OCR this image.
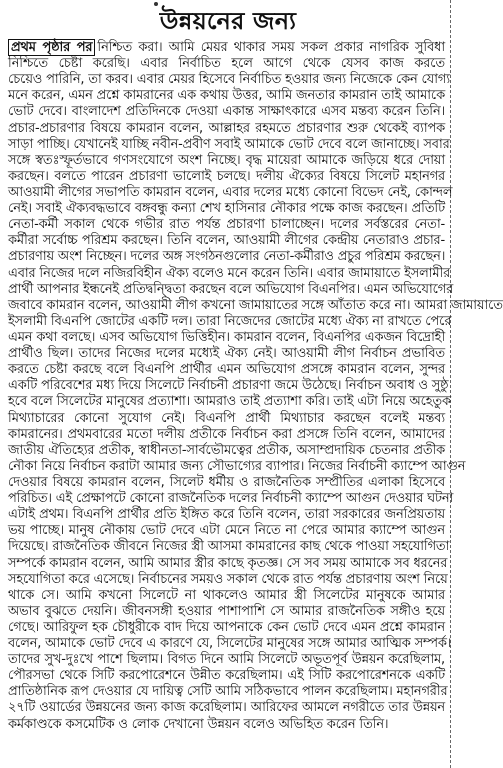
উন্নয়নের জন্য
প্রথম পৃষ্ঠার পর নিশ্চিত করা। আমি মেয়র থাকার সময় সকল প্রকার নাগরিক সুবিধা
নিশ্চিতে চেষ্টা করেছি। এবার নির্বাচিত হলে আগে থেকে যেসব কাজ করতে
চেয়েও পারিনি, তা করব। এবার মেয়র হিসেবে নির্বাচিত হওয়ার জন্য নিজেকে কেন যোগ্য
মনে করেন, এমন প্রশ্নে কামরানের এক কথায় উত্তর, আমি জনতার কামরান তাই আমাকে
ভোট দেবে। বাংলাদেশ প্রতিদিনকে দেওয়া একান্ত সাক্ষাৎকারে এসব মন্তব্য করেন তিনি।
প্রচার-প্রচারণার বিষয়ে কামরান বলেন, আল্লাহর রহমতে প্রচারণার শুরু থেকেই ব্যাপক
সাড়া পাচ্ছি। যেখানেই যাচ্ছি নবীন-প্রবীণ সবাই আমাকে ভোট দেবে বলে জানাচ্ছে। সবার
সঙ্গে স্বতঃস্ফূর্তভাবে গণসংযোগে অংশ নিচ্ছে। বৃদ্ধ মায়েরা আমাকে জড়িয়ে ধরে দোয়া
করছেন। বলতে পারেন প্রচারণা ভালোই চলছে। দলীয় ঐক্যের বিষয়ে সিলেট মহানগর
আওয়ামী লীগের সভাপতি কামরান বলেন, এবার দলের মধ্যে কোনো বিভেদ নেই, কোন্দল
নেই। সবাই ঐক্যবদ্ধভাবে বঙ্গবন্ধু কন্যা শেখ হাসিনার নৌকার পক্ষে কাজ করছেন। প্রতিটি
নেতা-কর্মী সকাল থেকে গভীর রাত পর্যন্ত প্রচারণা চালাচ্ছেন। দলের সর্বস্তরের নেতা-
কর্মীরা সর্বোচ্চ পরিশ্রম করছেন। তিনি বলেন, আওয়ামী লীগের কেন্দ্রীয় নেতারাও প্রচার-
প্রচারণায় অংশ নিচ্ছেন। দলের অঙ্গ সংগঠনগুলোর নেতা-কর্মীরাও প্রচুর পরিশ্রম করছেন।
এবার নিজের দলে নজিরবিহীন ঐক্য বলেও মনে করেন তিনি। এবার জামায়াতে ইসলামীর
প্রার্থী আপনার ইন্ধনেই প্রতিদ্বন্দ্বিতা করছেন বলে অভিযোগ বিএনপির। এমন অভিযোগের
জবাবে কামরান বলেন, আওয়ামী লীগ কখনো জামায়াতের সঙ্গে আঁতাত করে না। আমরা জামায়াতে
ইসলামী বিএনপি জোটের একটি দল। তারা নিজেদের জোটের মধ্যে ঐক্য না রাখতে পেরে
এমন কথা বলছে। এসব অভিযোগ ভিত্তিহীন। কামরান বলেন, বিএনপির একজন বিদ্রোহী
প্রার্থীও ছিল। তাদের নিজের দলের মধ্যেই ঐক্য নেই। আওয়ামী লীগ নির্বাচন প্রভাবিত
করতে চেষ্টা করছে বলে বিএনপি প্রার্থীর এমন অভিযোগ প্রসঙ্গে কামরান বলেন, সুন্দর
একটি পরিবেশের মধ্য দিয়ে সিলেটে নির্বাচনী প্রচারণা জমে উঠেছে। নির্বাচন অবাধ ও সুষ্ঠু
হবে বলে সিলেটের মানুষের প্রত্যাশা। আমরাও তাই প্রত্যাশা করি। তাই এটা নিয়ে অহেতুক
মিথ্যাচারের কোনো সুযোগ নেই। বিএনপি প্রার্থী মিথ্যাচার করছেন বলেই মন্তব্য
কামরানের। প্রথমবারের মতো দলীয় প্রতীকে নির্বাচন করা প্রসঙ্গে তিনি বলেন, আমাদের
জাতীয় ঐতিহ্যের প্রতীক, স্বাধীনতা-সার্বভৌমত্বের প্রতীক, অসাম্প্রদায়িক চেতনার প্রতীক
নৌকা নিয়ে নির্বাচন করাটা আমার জন্য সৌভাগ্যের ব্যাপার। নিজের নির্বাচনী ক্যাম্পে আগুন
দেওয়ার বিষয়ে কামরান বলেন, সিলেট ধর্মীয় ও রাজনৈতিক সম্প্রীতির এলাকা হিসেবে
পরিচিত। এই প্রেক্ষাপটে কোনো রাজনৈতিক দলের নির্বাচনী ক্যাম্পে আগুন দেওয়ার ঘটনা
এটাই প্রথম। বিএনপি প্রার্থীর প্রতি ইঙ্গিত করে তিনি বলেন, তারা সরকারের জনপ্রিয়তায়
ভয় পাচ্ছে। মানুষ নৌকায় ভোট দেবে এটা মেনে নিতে না পেরে আমার ক্যাম্পে আগুন
দিয়েছে। রাজনৈতিক জীবনে নিজের স্ত্রী আসমা কামরানের কাছ থেকে পাওয়া সহযোগিতা
সম্পর্কে কামরান বলেন, আমি আমার স্ত্রীর কাছে কৃতজ্ঞ। সে সব সময় আমাকে সব ধরনের
সহযোগিতা করে এসেছে। নির্বাচনের সময়ও সকাল থেকে রাত পর্যন্ত প্রচারণায় অংশ নিয়ে
থাকে সে। আমি কখনো সিলেটে না থাকলেও আমার স্ত্রী সিলেটের মানুষকে আমার
অভাব বুঝতে দেয়নি। জীবনসঙ্গী হওয়ার পাশাপাশি সে আমার রাজনৈতিক সঙ্গীও হয়ে
গেছে। আরিফুল হক চৌধুরীকে বাদ দিয়ে আপনাকে কেন ভোট দেবে এমন প্রশ্নে কামরান
বলেন, আমাকে ভোট দেবে এ কারণে যে, সিলেটের মানুষের সঙ্গে আমার আত্মিক সম্পর্ক।
তাদের সুখ-দুঃখে পাশে ছিলাম। বিগত দিনে আমি সিলেটে অভূতপূর্ব উন্নয়ন করেছিলাম,
পৌরসভা থেকে সিটি করপোরেশনে উন্নীত করেছিলাম। এই সিটি করপোরেশনকে একটি
প্রাতিষ্ঠানিক রূপ দেওয়ার যে দায়িত্ব সেটি আমি সঠিকভাবে পালন করেছিলাম। মহানগরীর
২৭টি ওয়ার্ডের উন্নয়নের জন্য কাজ করেছিলাম। আরিফের আমলে নগরীতে তার উন্নয়ন
কর্মকাণ্ডকে কসমেটিক ও লোক দেখানো উন্নয়ন বলেও অভিহিত করেন তিনি।
